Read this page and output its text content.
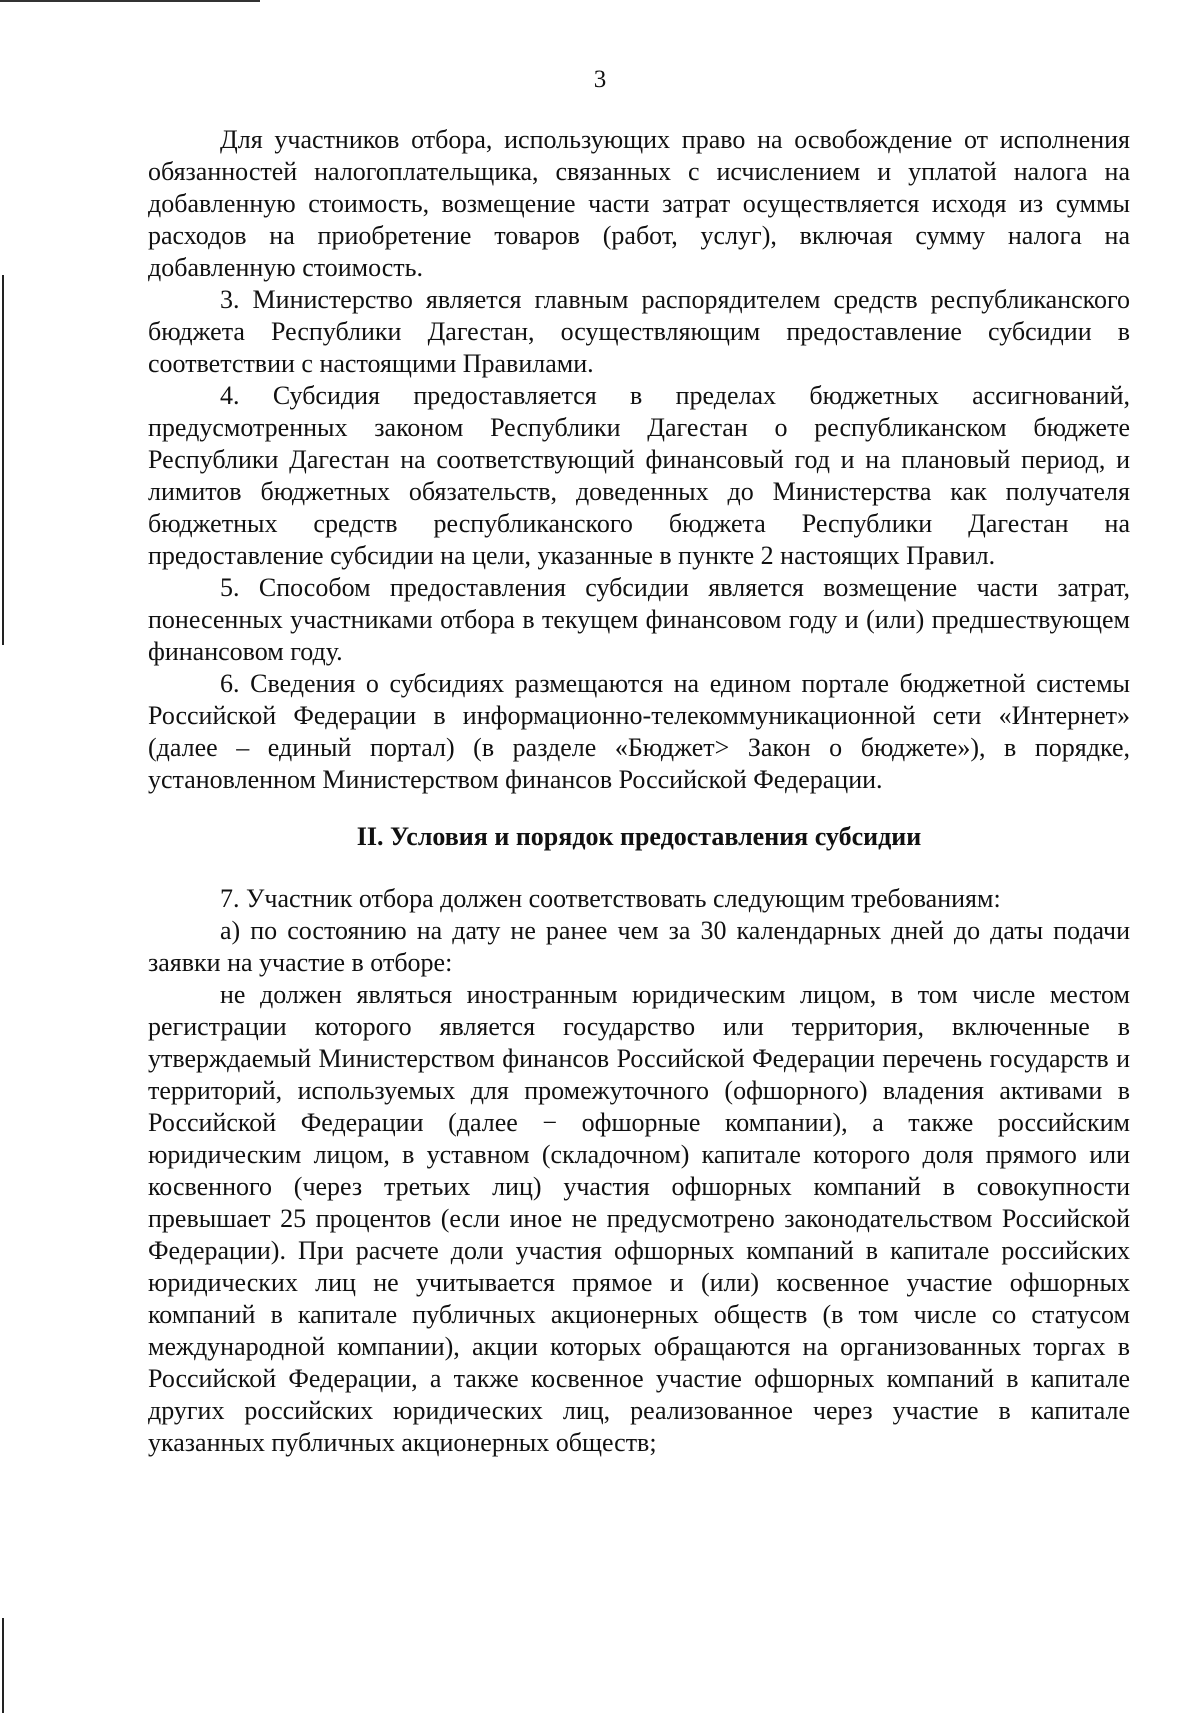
3

Для участников отбора, использующих право на освобождение от исполнения обязанностей налогоплательщика, связанных с исчислением и уплатой налога на добавленную стоимость, возмещение части затрат осуществляется исходя из суммы расходов на приобретение товаров (работ, услуг), включая сумму налога на добавленную стоимость.

3. Министерство является главным распорядителем средств республиканского бюджета Республики Дагестан, осуществляющим предоставление субсидии в соответствии с настоящими Правилами.

4. Субсидия предоставляется в пределах бюджетных ассигнований, предусмотренных законом Республики Дагестан о республиканском бюджете Республики Дагестан на соответствующий финансовый год и на плановый период, и лимитов бюджетных обязательств, доведенных до Министерства как получателя бюджетных средств республиканского бюджета Республики Дагестан на предоставление субсидии на цели, указанные в пункте 2 настоящих Правил.

5. Способом предоставления субсидии является возмещение части затрат, понесенных участниками отбора в текущем финансовом году и (или) предшествующем финансовом году.

6. Сведения о субсидиях размещаются на едином портале бюджетной системы Российской Федерации в информационно-телекоммуникационной сети «Интернет» (далее – единый портал) (в разделе «Бюджет> Закон о бюджете»), в порядке, установленном Министерством финансов Российской Федерации.

II. Условия и порядок предоставления субсидии

7. Участник отбора должен соответствовать следующим требованиям:

а) по состоянию на дату не ранее чем за 30 календарных дней до даты подачи заявки на участие в отборе:

не должен являться иностранным юридическим лицом, в том числе местом регистрации которого является государство или территория, включенные в утверждаемый Министерством финансов Российской Федерации перечень государств и территорий, используемых для промежуточного (офшорного) владения активами в Российской Федерации (далее − офшорные компании), а также российским юридическим лицом, в уставном (складочном) капитале которого доля прямого или косвенного (через третьих лиц) участия офшорных компаний в совокупности превышает 25 процентов (если иное не предусмотрено законодательством Российской Федерации). При расчете доли участия офшорных компаний в капитале российских юридических лиц не учитывается прямое и (или) косвенное участие офшорных компаний в капитале публичных акционерных обществ (в том числе со статусом международной компании), акции которых обращаются на организованных торгах в Российской Федерации, а также косвенное участие офшорных компаний в капитале других российских юридических лиц, реализованное через участие в капитале указанных публичных акционерных обществ;
